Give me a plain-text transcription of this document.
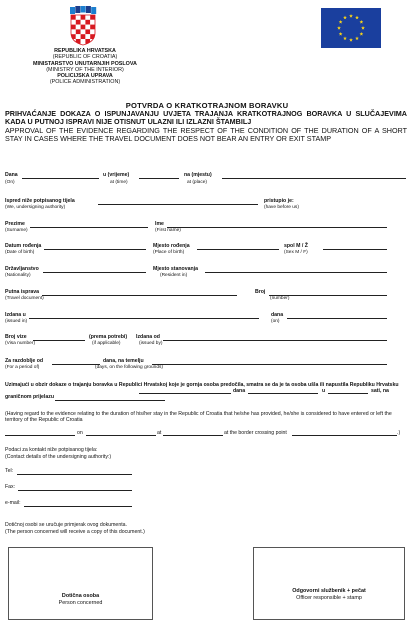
REPUBLIKA HRVATSKA
(REPUBLIC OF CROATIA)
MINISTARSTVO UNUTARNJIH POSLOVA
(MINISTRY OF THE INTERIOR)
POLICIJSKA UPRAVA
(POLICE ADMINISTRATION)
POTVRDA O KRATKOTRAJNOM BORAVKU
PRIHVAĆANJE DOKAZA O ISPUNJAVANJU UVJETA TRAJANJA KRATKOTRAJNOG BORAVKA U SLUČAJEVIMA KADA U PUTNOJ ISPRAVI NIJE OTISNUT ULAZNI ILI IZLAZNI ŠTAMBILJ
APPROVAL OF THE EVIDENCE REGARDING THE RESPECT OF THE CONDITION OF THE DURATION OF A SHORT STAY IN CASES WHERE THE TRAVEL DOCUMENT DOES NOT BEAR AN ENTRY OR EXIT STAMP
Dana	u (vrijeme)	na (mjestu)
(On)	at (time)	at (place)
Ispred niže potpisanog tijela	pristupio je:
(We, undersigning authority)	(have before us)
Prezime	Ime
(Surname)	(First name)
Datum rođenja	Mjesto rođenja	spol M / Ž
(Date of birth)	(Place of birth)	(Sex M / F)
Državljanstvo	Mjesto stanovanja
(Nationality)	(Resident in)
Putna isprava	Broj
(Travel document)	(number)
Izdana u	dana
(issued in)	(on)
Broj vize	(prema potrebi) Izdana od
(Visa number)	(if applicable)	(issued by)
Za razdoblje od	dana, na temelju
(For a period of)	(days, on the following grounds)
Uzimajući u obzir dokaze o trajanju boravka u Republici Hrvatskoj koje je gornja osoba predočila, smatra se da je ta osoba ušla ili napustila Republiku Hrvatsku
dana	u	sati, na
graničnom prijelazu
(Having regard to the evidence relating to the duration of his/her stay in the Republic of Croatia that he/she has provided, he/she is considered to have entered or left the territory of the Republic of Croatia
on	at	at the border crossing point	.)
Podaci za kontakt niže potpisanog tijela:
(Contact details of the undersigning authority:)
Tel:
Fax:
e-mail:
Dotičnoj osobi se uručuje primjerak ovog dokumenta.
(The person concerned will receive a copy of this document.)
Dotična osoba
Person concerned
Odgovorni službenik + pečat
Officer responsible + stamp
